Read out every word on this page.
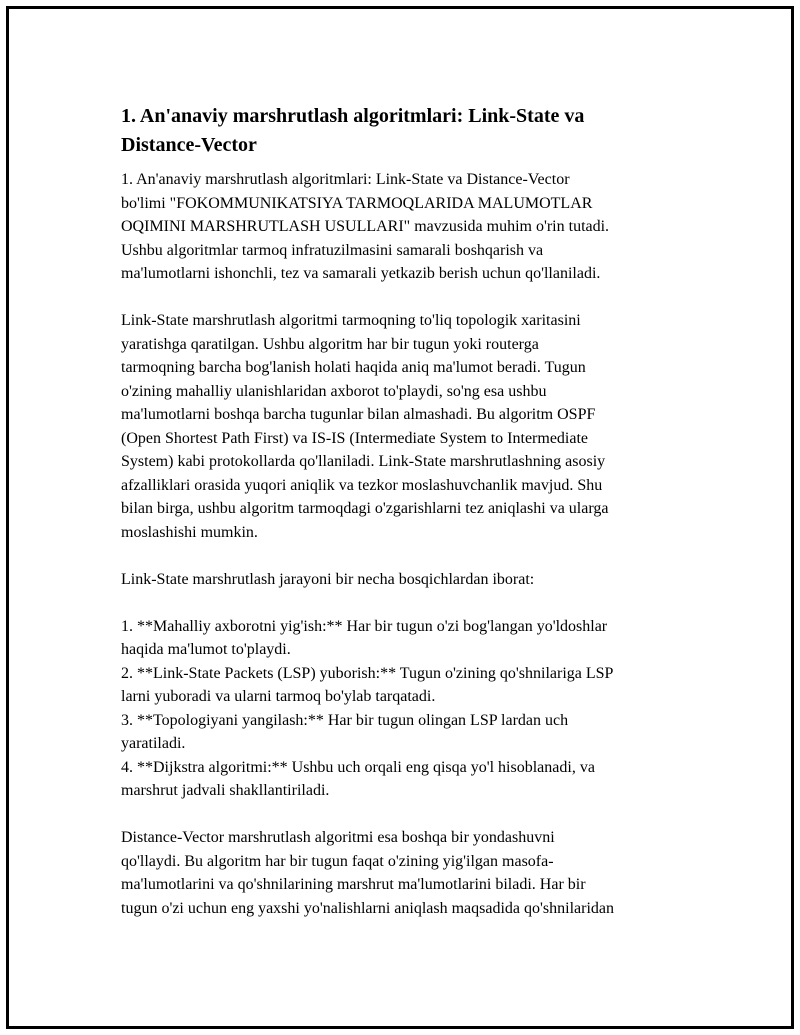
1. An'anaviy marshrutlash algoritmlari: Link-State va
Distance-Vector

1. An'anaviy marshrutlash algoritmlari: Link-State va Distance-Vector
bo'limi "FOKOMMUNIKATSIYA TARMOQLARIDA MALUMOTLAR
OQIMINI MARSHRUTLASH USULLARI" mavzusida muhim o'rin tutadi.
Ushbu algoritmlar tarmoq infratuzilmasini samarali boshqarish va
ma'lumotlarni ishonchli, tez va samarali yetkazib berish uchun qo'llaniladi.

Link-State marshrutlash algoritmi tarmoqning to'liq topologik xaritasini
yaratishga qaratilgan. Ushbu algoritm har bir tugun yoki routerga
tarmoqning barcha bog'lanish holati haqida aniq ma'lumot beradi. Tugun
o'zining mahalliy ulanishlaridan axborot to'playdi, so'ng esa ushbu
ma'lumotlarni boshqa barcha tugunlar bilan almashadi. Bu algoritm OSPF
(Open Shortest Path First) va IS-IS (Intermediate System to Intermediate
System) kabi protokollarda qo'llaniladi. Link-State marshrutlashning asosiy
afzalliklari orasida yuqori aniqlik va tezkor moslashuvchanlik mavjud. Shu
bilan birga, ushbu algoritm tarmoqdagi o'zgarishlarni tez aniqlashi va ularga
moslashishi mumkin.

Link-State marshrutlash jarayoni bir necha bosqichlardan iborat:

1. **Mahalliy axborotni yig'ish:** Har bir tugun o'zi bog'langan yo'ldoshlar
haqida ma'lumot to'playdi.

2. **Link-State Packets (LSP) yuborish:** Tugun o'zining qo'shnilariga LSP
larni yuboradi va ularni tarmoq bo'ylab tarqatadi.

3. **Topologiyani yangilash:** Har bir tugun olingan LSP lardan uch
yaratiladi.

4. **Dijkstra algoritmi:** Ushbu uch orqali eng qisqa yo'l hisoblanadi, va
marshrut jadvali shakllantiriladi.

Distance-Vector marshrutlash algoritmi esa boshqa bir yondashuvni
qo'llaydi. Bu algoritm har bir tugun faqat o'zining yig'ilgan masofa-
ma'lumotlarini va qo'shnilarining marshrut ma'lumotlarini biladi. Har bir
tugun o'zi uchun eng yaxshi yo'nalishlarni aniqlash maqsadida qo'shnilaridan
